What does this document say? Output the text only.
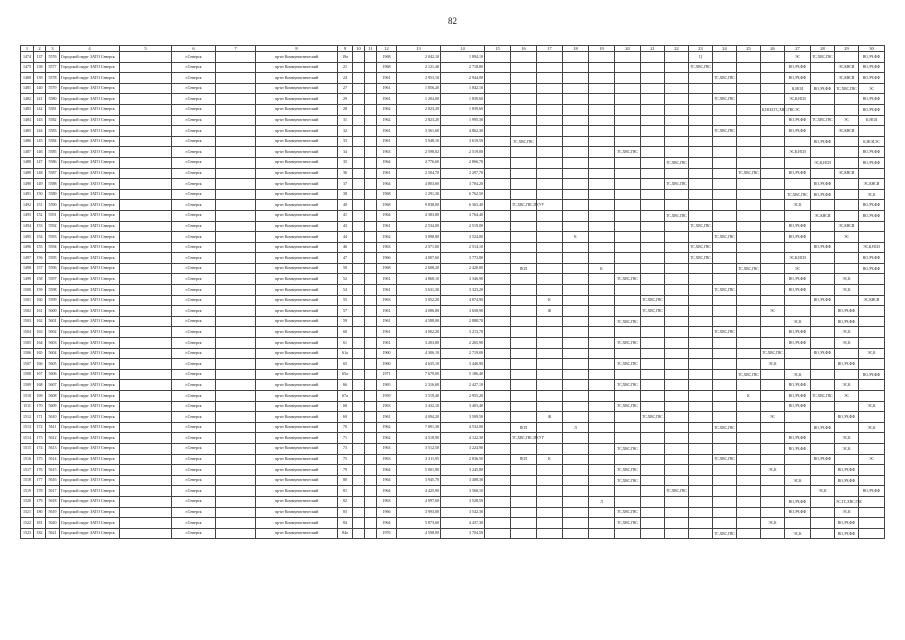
82
1	2	3	4	5	6	7	8	9	10	11	12	13	14	15	16	17	18	19	20	21	22	23	24	25	26	27	28	29	30
1474	137	5576	Городской округ ЗАТО Северск		г.Северск		пр-кт Коммунистический	19а			1968	2 042,10	1 894,10									Ц				ЭС	ТС,ХВС,ГВС		ВО,ЭЧ,ФФ
1475	138	5577	Городской округ ЗАТО Северск		г.Северск		пр-кт Коммунистический	21			1968	2 121,40	2 718,80									ТС,ХВС,ГВС				ВО,ЭЧ,ФФ		ЭС,КНСИ	ВО,ЭЧ,ФФ
1480	139	5578	Городской округ ЗАТО Северск		г.Северск		пр-кт Коммунистический	24			1961	2 953,10	2 944,00										ТС,ХВС,ГВС			ВО,ЭЧ,ФФ		ЭС,КНСИ	ВО,ЭЧ,ФФ
1481	140	5579	Городской округ ЗАТО Северск		г.Северск		пр-кт Коммунистический	27			1961	1 856,20	1 842,10													К,НСИ	ВО,ЭЧ,ФФ	ТС,ХВС,ГВС	ЭС
1482	141	5580	Городской округ ЗАТО Северск		г.Северск		пр-кт Коммунистический	29			1961	1 204,00	1 839,60										ТС,ХВС,ГВС			ЭС,К,НСИ			ВО,ЭЧ,ФФ
1483	142	5581	Городской округ ЗАТО Северск		г.Северск		пр-кт Коммунистический	28			1962	2 023,20	1 839,60												К,НСИ,ТС,ХВС,ГВС	ЭС			ВО,ЭЧ,ФФ
1484	143	5582	Городской округ ЗАТО Северск		г.Северск		пр-кт Коммунистический	31			1962	2 823,20	1 995,30													ВО,ЭЧ,ФФ	ТС,ХВС,ГВС	ЭС	К,НСИ
1485	144	5583	Городской округ ЗАТО Северск		г.Северск		пр-кт Коммунистический	32			1961	3 561,60	4 862,30										ТС,ХВС,ГВС			ВО,ЭЧ,ФФ		ЭС,КНСИ	
1486	145	5584	Городской округ ЗАТО Северск		г.Северск		пр-кт Коммунистический	33			1961	3 948,10	3 619,50		ТС,ХВС,ГВС												ВО,ЭЧ,ФФ		К,НСИ,ЭС
1487	146	5585	Городской округ ЗАТО Северск		г.Северск		пр-кт Коммунистический	34			1963	2 598,02	2 519,00						ТС,ХВС,ГВС							ЭС,К,НСИ			ВО,ЭЧ,ФФ
1488	147	5586	Городской округ ЗАТО Северск		г.Северск		пр-кт Коммунистический	35			1964	2 776,60	2 866,70								ТС,ХВС,ГВС						ЭС,К,НСИ		ВО,ЭЧ,ФФ
1489	148	5587	Городской округ ЗАТО Северск		г.Северск		пр-кт Коммунистический	36			1961	2 504,70	2 297,70											ТС,ХВС,ГВС		ВО,ЭЧ,ФФ		ЭС,КНСИ	
1490	149	5588	Городской округ ЗАТО Северск		г.Северск		пр-кт Коммунистический	37			1964	4 803,60	3 704,20								ТС,ХВС,ГВС						ВО,ЭЧ,ФФ		ЭС,КНСИ
1491	150	5589	Городской округ ЗАТО Северск		г.Северск		пр-кт Коммунистический	38			1968	1 291,30	6 762,50													ТС,ХВС,ГВС	ВО,ЭЧ,ФФ		ЭС,К
1492	151	5590	Городской округ ЗАТО Северск		г.Северск		пр-кт Коммунистический	40			1968	9 838,00	6 363,40		ТС,ХВС,ГВС,ПУ,УУ											ЭС,К			ВО,ЭЧ,ФФ
1493	152	5591	Городской округ ЗАТО Северск		г.Северск		пр-кт Коммунистический	41			1964	4 383,80	3 764,40								ТС,ХВС,ГВС						ЭС,КНСИ		ВО,ЭЧ,ФФ
1494	153	5592	Городской округ ЗАТО Северск		г.Северск		пр-кт Коммунистический	43			1961	2 534,00	2 519,00									ТС,ХВС,ГВС				ВО,ЭЧ,ФФ		ЭС,КНСИ	
1495	154	5593	Городской округ ЗАТО Северск		г.Северск		пр-кт Коммунистический	44			1962	3 898,80	3 524,00				К						ТС,ХВС,ГВС			ВО,ЭЧ,ФФ		ЭС	
1496	155	5594	Городской округ ЗАТО Северск		г.Северск		пр-кт Коммунистический	46			1963	2 571,00	2 514,10									ТС,ХВС,ГВС					ВО,ЭЧ,ФФ		ЭС,К,НСИ
1497	156	5595	Городской округ ЗАТО Северск		г.Северск		пр-кт Коммунистический	47			1966	4 007,60	3 773,80									ТС,ХВС,ГВС				ЭС,К,НСИ			ВО,ЭЧ,ФФ
1498	157	5596	Городской округ ЗАТО Северск		г.Северск		пр-кт Коммунистический	50			1968	2 608,20	2 420,00		ПОЛ			К						ТС,ХВС,ГВС		ЭС			ВО,ЭЧ,ФФ
1499	158	5597	Городской округ ЗАТО Северск		г.Северск		пр-кт Коммунистический	52			1961	4 868,10	3 346,90						ТС,ХВС,ГВС							ВО,ЭЧ,ФФ		ЭС,К	
1500	159	5598	Городской округ ЗАТО Северск		г.Северск		пр-кт Коммунистический	54			1961	3 631,30	3 323,20										ТС,ХВС,ГВС			ВО,ЭЧ,ФФ		ЭС,К	
1501	160	5599	Городской округ ЗАТО Северск		г.Северск		пр-кт Коммунистический	55			1963	3 052,20	4 874,90			К				ТС,ХВС,ГВС							ВО,ЭЧ,ФФ		ЭС,КНСИ
1502	161	5600	Городской округ ЗАТО Северск		г.Северск		пр-кт Коммунистический	57			1961	4 086,00	3 658,90			Ж				ТС,ХВС,ГВС					ЭС			ВО,ЭЧ,ФФ	
1503	162	5601	Городской округ ЗАТО Северск		г.Северск		пр-кт Коммунистический	59			1961	4 588,00	2 888,70						ТС,ХВС,ГВС							ЭС,К		ВО,ЭЧ,ФФ	
1504	163	5602	Городской округ ЗАТО Северск		г.Северск		пр-кт Коммунистический	60			1961	4 002,20	3 213,70										ТС,ХВС,ГВС			ВО,ЭЧ,ФФ		ЭС,К	
1505	164	5603	Городской округ ЗАТО Северск		г.Северск		пр-кт Коммунистический	61			1961	3 203,80	2 265,90						ТС,ХВС,ГВС							ВО,ЭЧ,ФФ		ЭС,К	
1506	165	5604	Городской округ ЗАТО Северск		г.Северск		пр-кт Коммунистический	61а			1960	4 306,10	2 719,00												ТС,ХВС,ГВС		ВО,ЭЧ,ФФ		ЭС,К
1507	166	5605	Городской округ ЗАТО Северск		г.Северск		пр-кт Коммунистический	65			1960	4 635,10	3 446,90						ТС,ХВС,ГВС						ЭС,К			ВО,ЭЧ,ФФ	
1508	167	5606	Городской округ ЗАТО Северск		г.Северск		пр-кт Коммунистический	65а			1971	7 679,00	5 186,40											ТС,ХВС,ГВС		ЭС,К			ВО,ЭЧ,ФФ
1509	168	5607	Городской округ ЗАТО Северск		г.Северск		пр-кт Коммунистический	66			1965	2 316,60	2 427,10						ТС,ХВС,ГВС							ВО,ЭЧ,ФФ		ЭС,К	
1510	169	5608	Городской округ ЗАТО Северск		г.Северск		пр-кт Коммунистический	67а			1959	3 519,40	2 955,20											К		ВО,ЭЧ,ФФ	ТС,ХВС,ГВС	ЭС	
1511	170	5609	Городской округ ЗАТО Северск		г.Северск		пр-кт Коммунистический	68			1963	3 432,10	3 403,40						ТС,ХВС,ГВС							ВО,ЭЧ,ФФ			ЭС,К
1512	171	5610	Городской округ ЗАТО Северск		г.Северск		пр-кт Коммунистический	69			1961	4 094,20	3 509,50			Ж				ТС,ХВС,ГВС					ЭС			ВО,ЭЧ,ФФ	
1513	172	5611	Городской округ ЗАТО Северск		г.Северск		пр-кт Коммунистический	70			1962	7 001,30	4 532,00		ПОЛ		Л						ТС,ХВС,ГВС				ВО,ЭЧ,ФФ		ЭС,К
1514	173	5612	Городской округ ЗАТО Северск		г.Северск		пр-кт Коммунистический	71			1962	4 518,90	4 122,30		ТС,ХВС,ГВС,ПУ,УУ											ВО,ЭЧ,ФФ		ЭС,К	
1515	174	5613	Городской округ ЗАТО Северск		г.Северск		пр-кт Коммунистический	73			1963	3 512,50	3 224,90						ТС,ХВС,ГВС							ВО,ЭЧ,ФФ		ЭС,К	
1516	175	5614	Городской округ ЗАТО Северск		г.Северск		пр-кт Коммунистический	75			1963	3 311,95	2 836,50		ПОЛ	К							ТС,ХВС,ГВС				ВО,ЭЧ,ФФ		ЭС
1517	176	5615	Городской округ ЗАТО Северск		г.Северск		пр-кт Коммунистический	79			1964	5 001,90	3 245,80						ТС,ХВС,ГВС						ЭС,К			ВО,ЭЧ,ФФ	
1518	177	5616	Городской округ ЗАТО Северск		г.Северск		пр-кт Коммунистический	80			1964	3 945,70	3 408,30						ТС,ХВС,ГВС							ЭС,К		ВО,ЭЧ,ФФ	
1519	178	5617	Городской округ ЗАТО Северск		г.Северск		пр-кт Коммунистический	81			1964	4 425,90	3 568,10								ТС,ХВС,ГВС						ЭС,К		ВО,ЭЧ,ФФ
1520	179	5618	Городской округ ЗАТО Северск		г.Северск		пр-кт Коммунистический	82			1963	4 997,60	3 528,50					Л								ВО,ЭЧ,ФФ		ЭС,ТС,ХВС,ГВС	
1521	180	5619	Городской округ ЗАТО Северск		г.Северск		пр-кт Коммунистический	83			1966	3 993,00	3 542,30						ТС,ХВС,ГВС							ВО,ЭЧ,ФФ		ЭС,К	
1522	181	5620	Городской округ ЗАТО Северск		г.Северск		пр-кт Коммунистический	84			1964	5 873,60	4 437,30						ТС,ХВС,ГВС						ЭС,К			ВО,ЭЧ,ФФ	
1523	182	5621	Городской округ ЗАТО Северск		г.Северск		пр-кт Коммунистический	84а			1976	4 598,00	3 704,50										ТС,ХВС,ГВС			ЭС,К		ВО,ЭЧ,ФФ	
